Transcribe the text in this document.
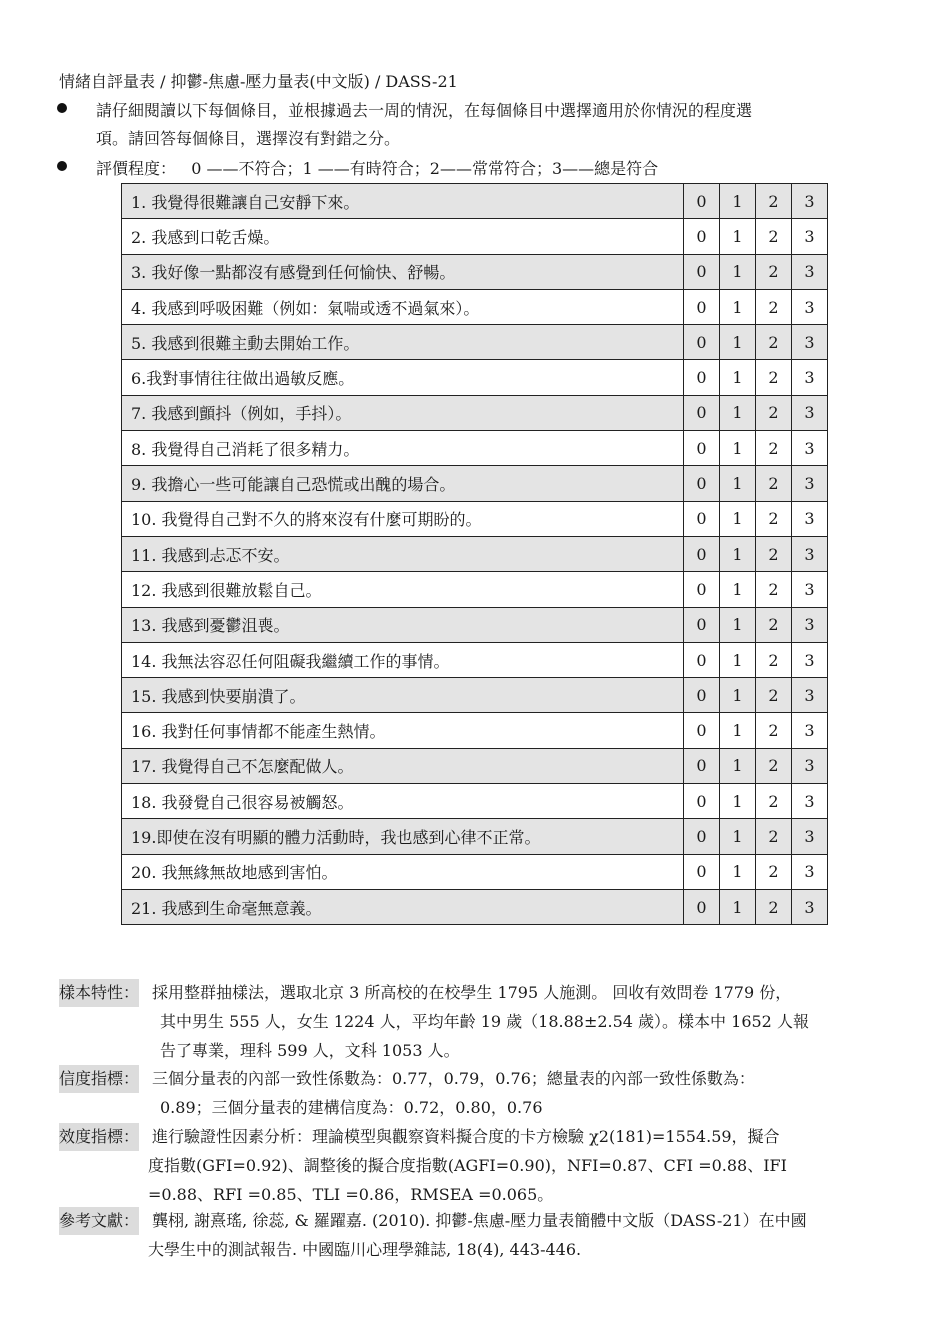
情緒自評量表 / 抑鬱-焦慮-壓力量表(中文版) / DASS-21
請仔細閱讀以下每個條目，並根據過去一周的情況，在每個條目中選擇適用於你情況的程度選
項。請回答每個條目，選擇沒有對錯之分。
評價程度：   0 ——不符合；1 ——有時符合；2——常常符合；3——總是符合
1. 我覺得很難讓自己安靜下來。	0	1	2	3
2. 我感到口乾舌燥。	0	1	2	3
3. 我好像一點都沒有感覺到任何愉快、舒暢。	0	1	2	3
4. 我感到呼吸困難（例如：氣喘或透不過氣來）。	0	1	2	3
5. 我感到很難主動去開始工作。	0	1	2	3
6.我對事情往往做出過敏反應。	0	1	2	3
7. 我感到顫抖（例如，手抖）。	0	1	2	3
8. 我覺得自己消耗了很多精力。	0	1	2	3
9. 我擔心一些可能讓自己恐慌或出醜的場合。	0	1	2	3
10. 我覺得自己對不久的將來沒有什麼可期盼的。	0	1	2	3
11. 我感到忐忑不安。	0	1	2	3
12. 我感到很難放鬆自己。	0	1	2	3
13. 我感到憂鬱沮喪。	0	1	2	3
14. 我無法容忍任何阻礙我繼續工作的事情。	0	1	2	3
15. 我感到快要崩潰了。	0	1	2	3
16. 我對任何事情都不能產生熱情。	0	1	2	3
17. 我覺得自己不怎麼配做人。	0	1	2	3
18. 我發覺自己很容易被觸怒。	0	1	2	3
19.即使在沒有明顯的體力活動時，我也感到心律不正常。	0	1	2	3
20. 我無緣無故地感到害怕。	0	1	2	3
21. 我感到生命毫無意義。	0	1	2	3
樣本特性： 採用整群抽樣法，選取北京 3 所高校的在校學生 1795 人施測。 回收有效問卷 1779 份，
其中男生 555 人，女生 1224 人，平均年齡 19 歲（18.88±2.54 歲）。樣本中 1652 人報
告了專業，理科 599 人，文科 1053 人。
信度指標： 三個分量表的內部一致性係數為：0.77，0.79，0.76；總量表的內部一致性係數為：
0.89；三個分量表的建構信度為：0.72，0.80，0.76
效度指標： 進行驗證性因素分析：理論模型與觀察資料擬合度的卡方檢驗 χ2(181)=1554.59，擬合
度指數(GFI=0.92)、調整後的擬合度指數(AGFI=0.90)，NFI=0.87、CFI =0.88、IFI
=0.88、RFI =0.85、TLI =0.86，RMSEA =0.065。
參考文獻： 龔栩, 謝熹瑤, 徐蕊, & 羅躍嘉. (2010). 抑鬱-焦慮-壓力量表簡體中文版（DASS-21）在中國
大學生中的測試報告. 中國臨川心理學雜誌, 18(4), 443-446.
